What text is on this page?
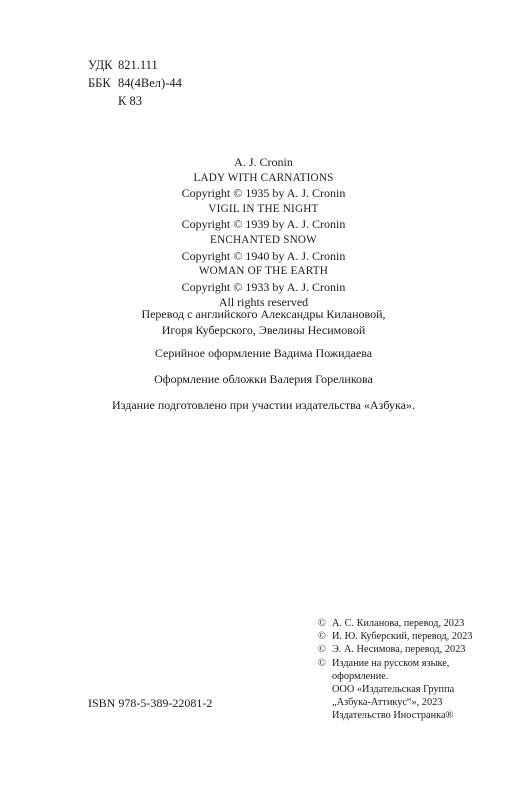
УДК 821.111
ББК 84(4Вел)-44
К 83
A. J. Cronin
LADY WITH CARNATIONS
Copyright © 1935 by A. J. Cronin
VIGIL IN THE NIGHT
Copyright © 1939 by A. J. Cronin
ENCHANTED SNOW
Copyright © 1940 by A. J. Cronin
WOMAN OF THE EARTH
Copyright © 1933 by A. J. Cronin
All rights reserved
Перевод с английского Александры Килановой,
Игоря Куберского, Эвелины Несимовой
Серийное оформление Вадима Пожидаева
Оформление обложки Валерия Гореликова
Издание подготовлено при участии издательства «Азбука».
ISBN 978-5-389-22081-2
© А. С. Киланова, перевод, 2023
© И. Ю. Куберский, перевод, 2023
© Э. А. Несимова, перевод, 2023
© Издание на русском языке,
оформление.
ООО «Издательская Группа
„Азбука-Аттикус“», 2023
Издательство Иностранка®
